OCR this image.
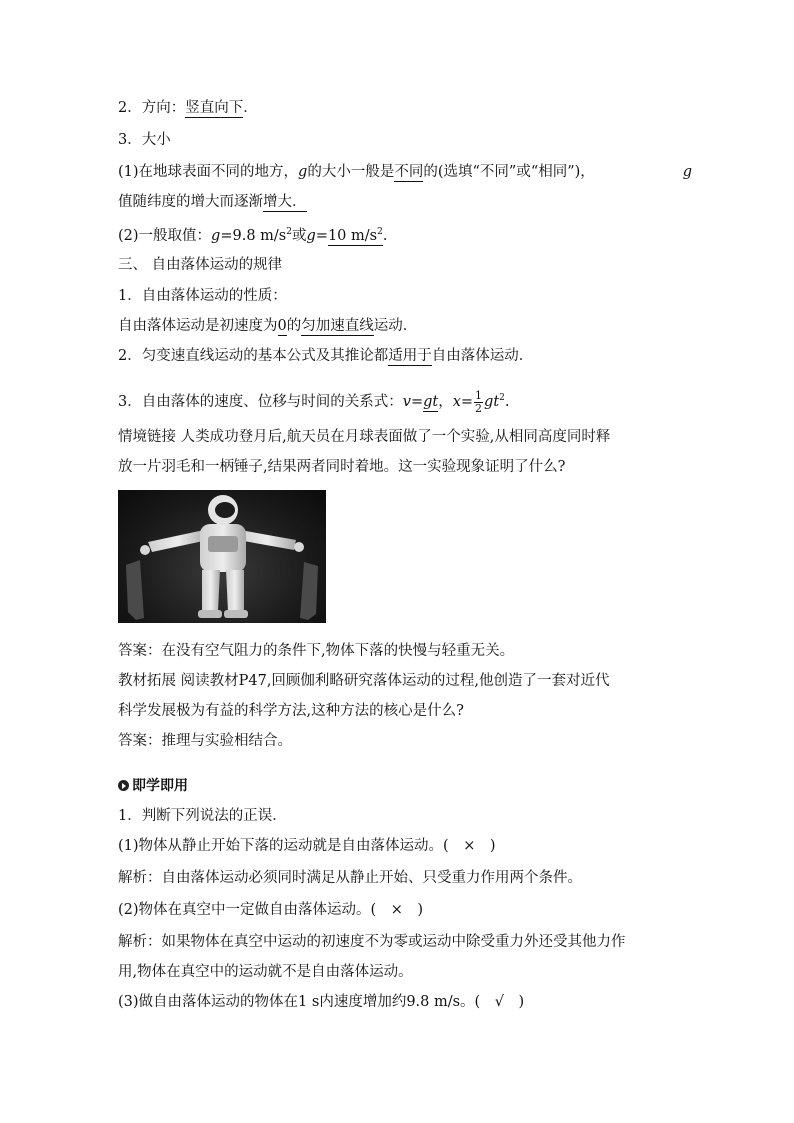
2．方向：竖直向下．
3．大小
(1)在地球表面不同的地方，g的大小一般是不同的(选填“不同”或“相同”)，	g
值随纬度的增大而逐渐增大．
(2)一般取值：g=9.8 $m/s^2$或g=10 $m/s^2$.
三、 自由落体运动的规律
1．自由落体运动的性质：
自由落体运动是初速度为0的匀加速直线运动．
2．匀变速直线运动的基本公式及其推论都适用于自由落体运动．
3．自由落体的速度、位移与时间的关系式：v=gt，$x= \frac{1}{2} gt^2$.
情境链接 人类成功登月后,航天员在月球表面做了一个实验,从相同高度同时释
放一片羽毛和一柄锤子,结果两者同时着地。这一实验现象证明了什么?
答案：在没有空气阻力的条件下,物体下落的快慢与轻重无关。
教材拓展 阅读教材P47,回顾伽利略研究落体运动的过程,他创造了一套对近代
科学发展极为有益的科学方法,这种方法的核心是什么?
答案：推理与实验相结合。
即学即用
1．判断下列说法的正误．
(1)物体从静止开始下落的运动就是自由落体运动。(　×　)
解析：自由落体运动必须同时满足从静止开始、只受重力作用两个条件。
(2)物体在真空中一定做自由落体运动。(　×　)
解析：如果物体在真空中运动的初速度不为零或运动中除受重力外还受其他力作
用,物体在真空中的运动就不是自由落体运动。
(3)做自由落体运动的物体在1 s内速度增加约9.8 m/s。(　√　)
